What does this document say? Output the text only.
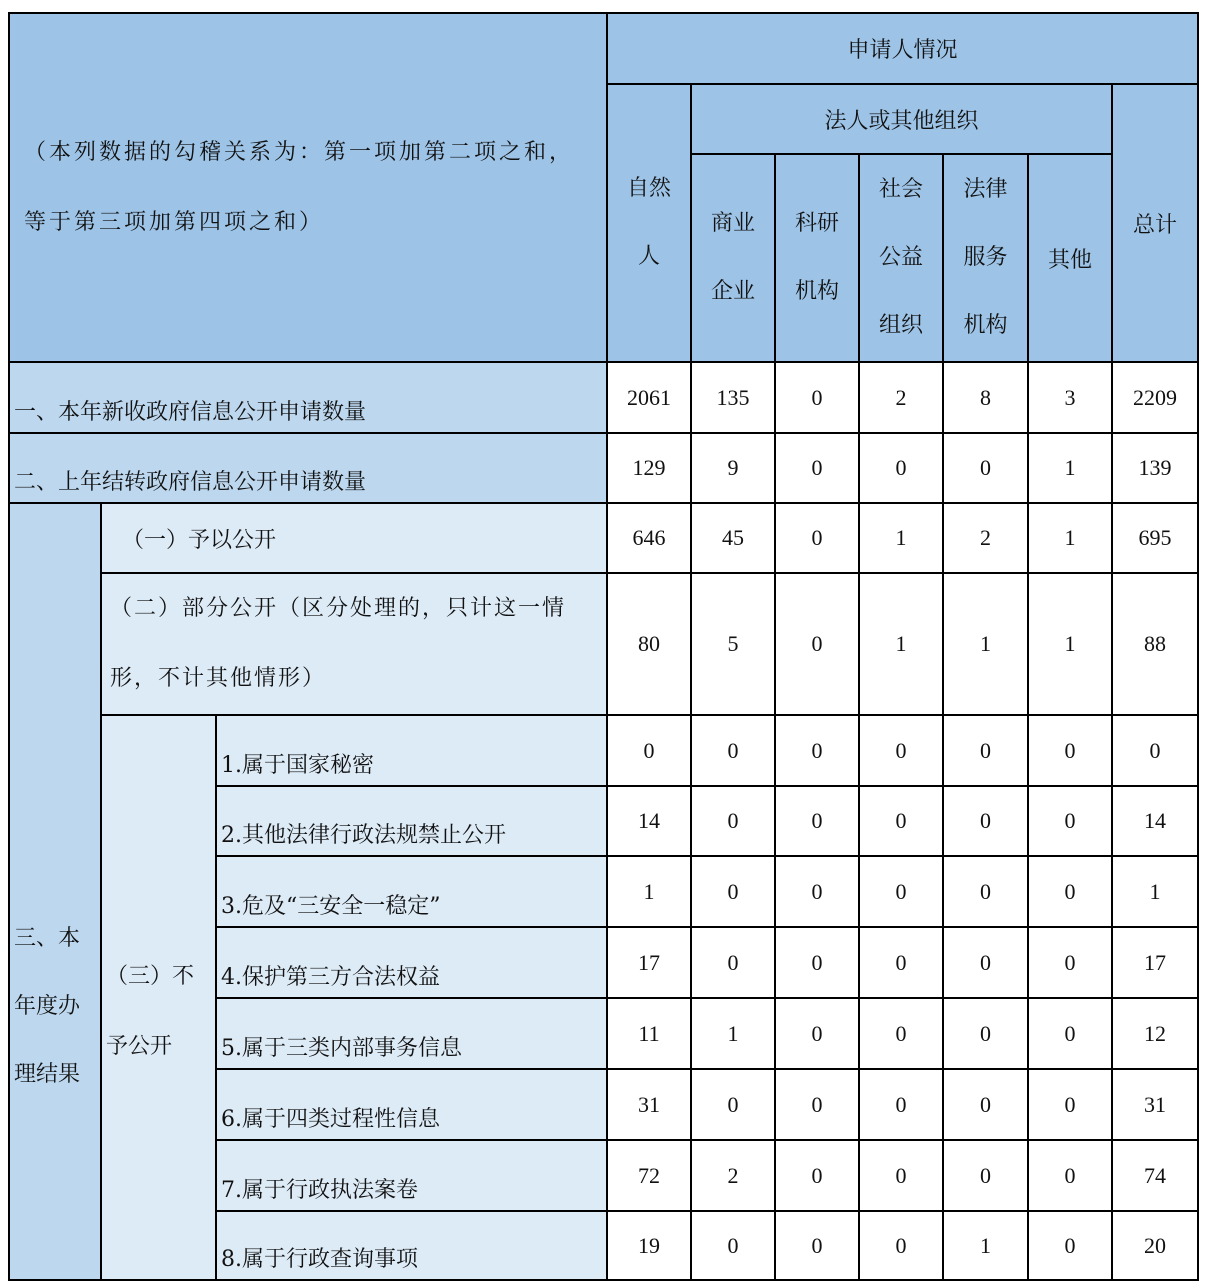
（本列数据的勾稽关系为：第一项加第二项之和，等于第三项加第四项之和）			申请人情况						
			自然人	法人或其他组织					总计
				商业企业	科研机构	社会公益组织	法律服务机构	其他	
一、本年新收政府信息公开申请数量			2061	135	0	2	8	3	2209
二、上年结转政府信息公开申请数量			129	9	0	0	0	1	139
三、本年度办理结果	（一）予以公开		646	45	0	1	2	1	695
	（二）部分公开（区分处理的，只计这一情形，不计其他情形）		80	5	0	1	1	1	88

	（三）不予公开	1.属于国家秘密	0	0	0	0	0	0	0
		2.其他法律行政法规禁止公开	14	0	0	0	0	0	14
		3.危及“三安全一稳定”	1	0	0	0	0	0	1
		4.保护第三方合法权益	17	0	0	0	0	0	17
		5.属于三类内部事务信息	11	1	0	0	0	0	12
		6.属于四类过程性信息	31	0	0	0	0	0	31
		7.属于行政执法案卷	72	2	0	0	0	0	74
		8.属于行政查询事项	19	0	0	0	1	0	20
